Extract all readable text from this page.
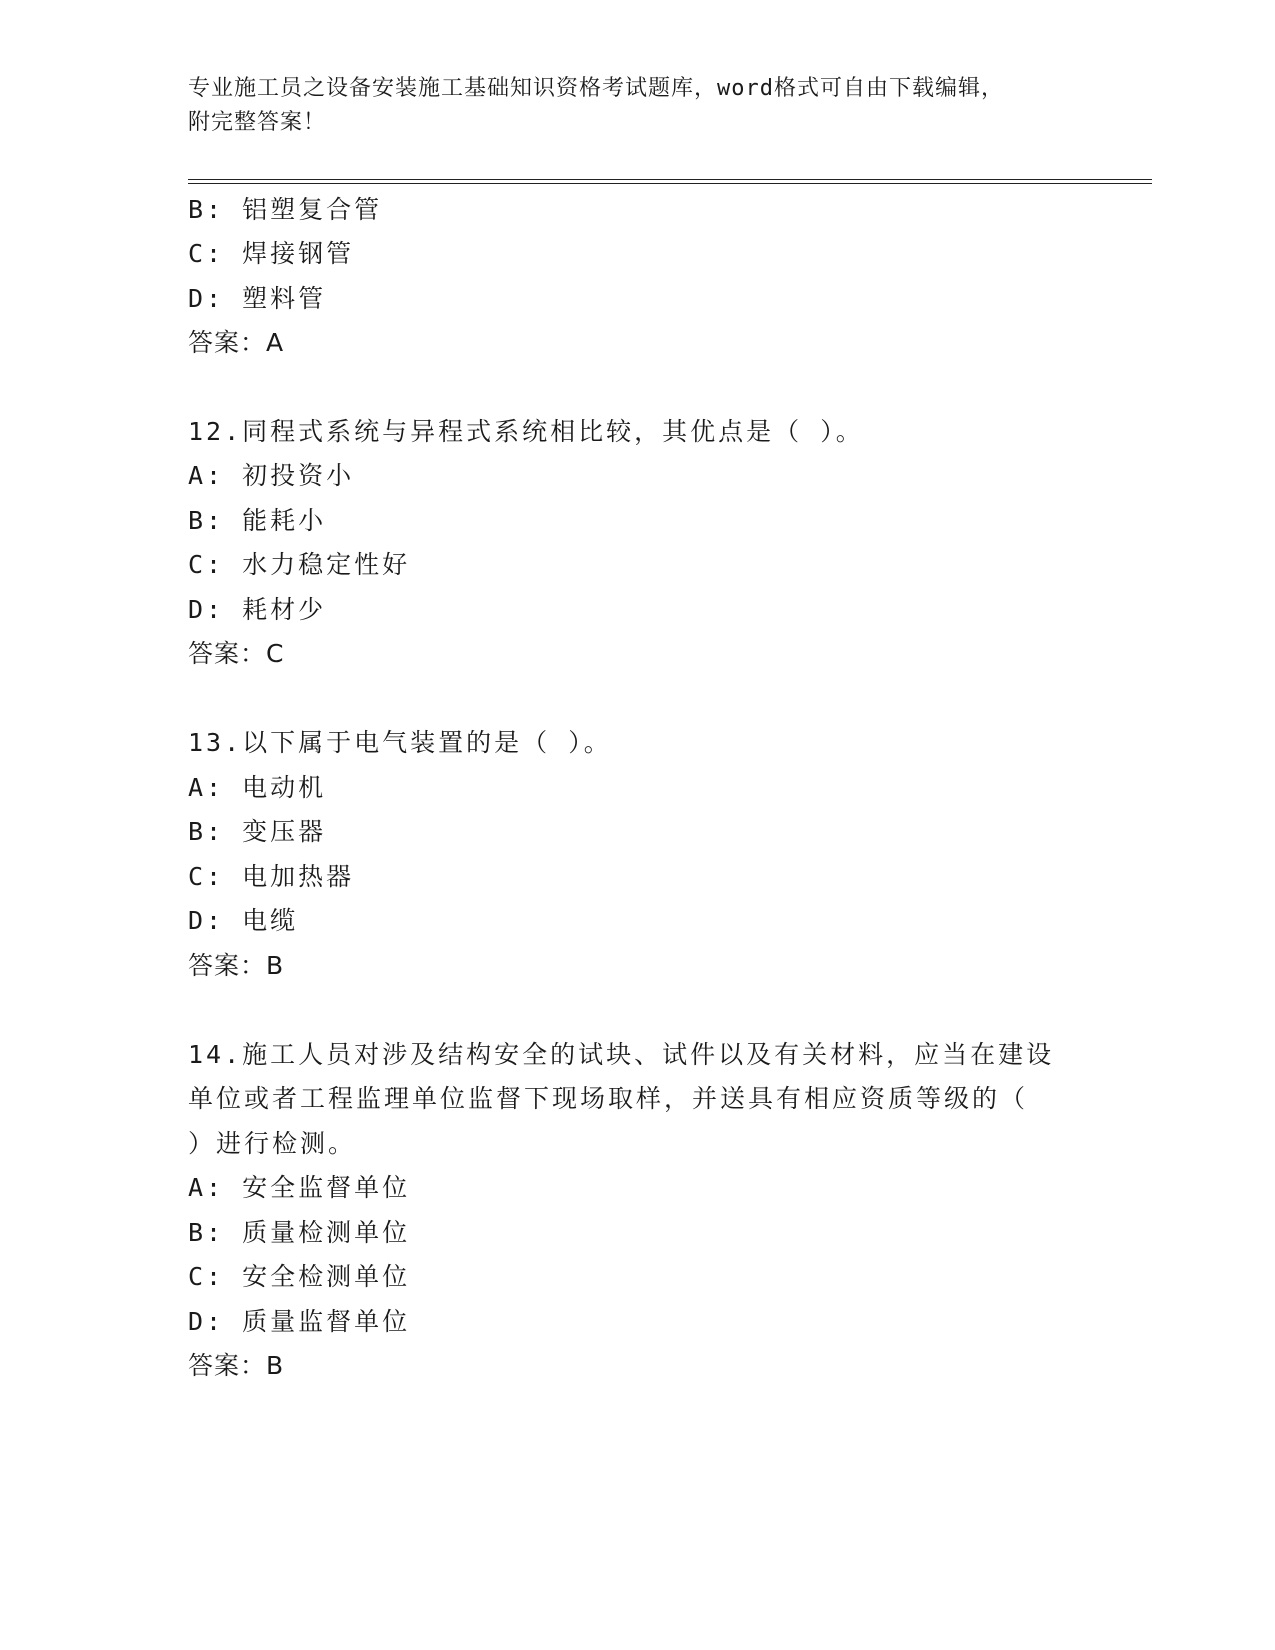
专业施工员之设备安装施工基础知识资格考试题库，word格式可自由下载编辑，
附完整答案！
B: 铝塑复合管
C: 焊接钢管
D: 塑料管
答案：A
12.同程式系统与异程式系统相比较，其优点是（ ）。
A: 初投资小
B: 能耗小
C: 水力稳定性好
D: 耗材少
答案：C
13.以下属于电气装置的是（ ）。
A: 电动机
B: 变压器
C: 电加热器
D: 电缆
答案：B
14.施工人员对涉及结构安全的试块、试件以及有关材料，应当在建设
单位或者工程监理单位监督下现场取样，并送具有相应资质等级的（
）进行检测。
A: 安全监督单位
B: 质量检测单位
C: 安全检测单位
D: 质量监督单位
答案：B
